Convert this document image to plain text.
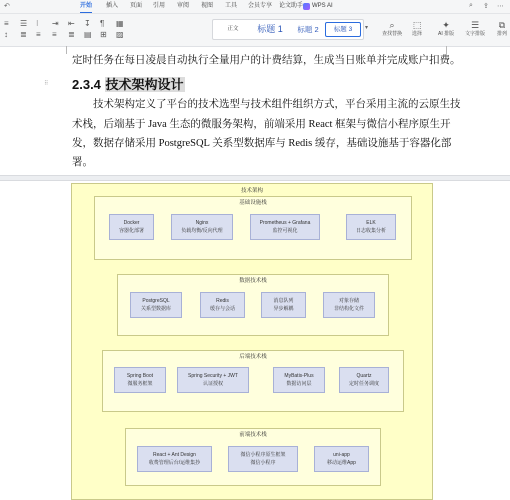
↶	开始 插入 页面 引用 审阅 视图 工具 会员专享 论文助手 WPS AI	⌕ ⇪ ⋯
≡
↕
☰
≣
⁝
≡
⇥
≡
⇤
≣
↧
▤
¶
⊞
▦
▨
正文	标题 1	标题 2	标题 3	▾	⌕
查找替换
⬚
选择
✦
AI 排版
☰
文字排版
⧉
排列
定时任务在每日凌晨自动执行全量用户的计费结算，生成当日账单并完成账户扣费。
⠿ 2.3.4 技术架构设计
技术架构定义了平台的技术选型与技术组件组织方式，平台采用主流的云原生技
术栈，后端基于 Java 生态的微服务架构，前端采用 React 框架与微信小程序原生开
发，数据存储采用 PostgreSQL 关系型数据库与 Redis 缓存，基础设施基于容器化部
署。
技术架构
基础设施栈
Docker
容器化部署
Nginx
负载均衡/反向代理
Prometheus + Grafana
监控可视化
ELK
日志收集分析
数据技术栈
PostgreSQL
关系型数据库
Redis
缓存与会话
消息队列
异步解耦
对象存储
非结构化文件
后端技术栈
Spring Boot
微服务框架
Spring Security + JWT
认证授权
MyBatis-Plus
数据访问层
Quartz
定时任务调度
前端技术栈
React + Ant Design
收费管理后台/运维集抄
微信小程序原生框架
微信小程序
uni-app
移动运维App
